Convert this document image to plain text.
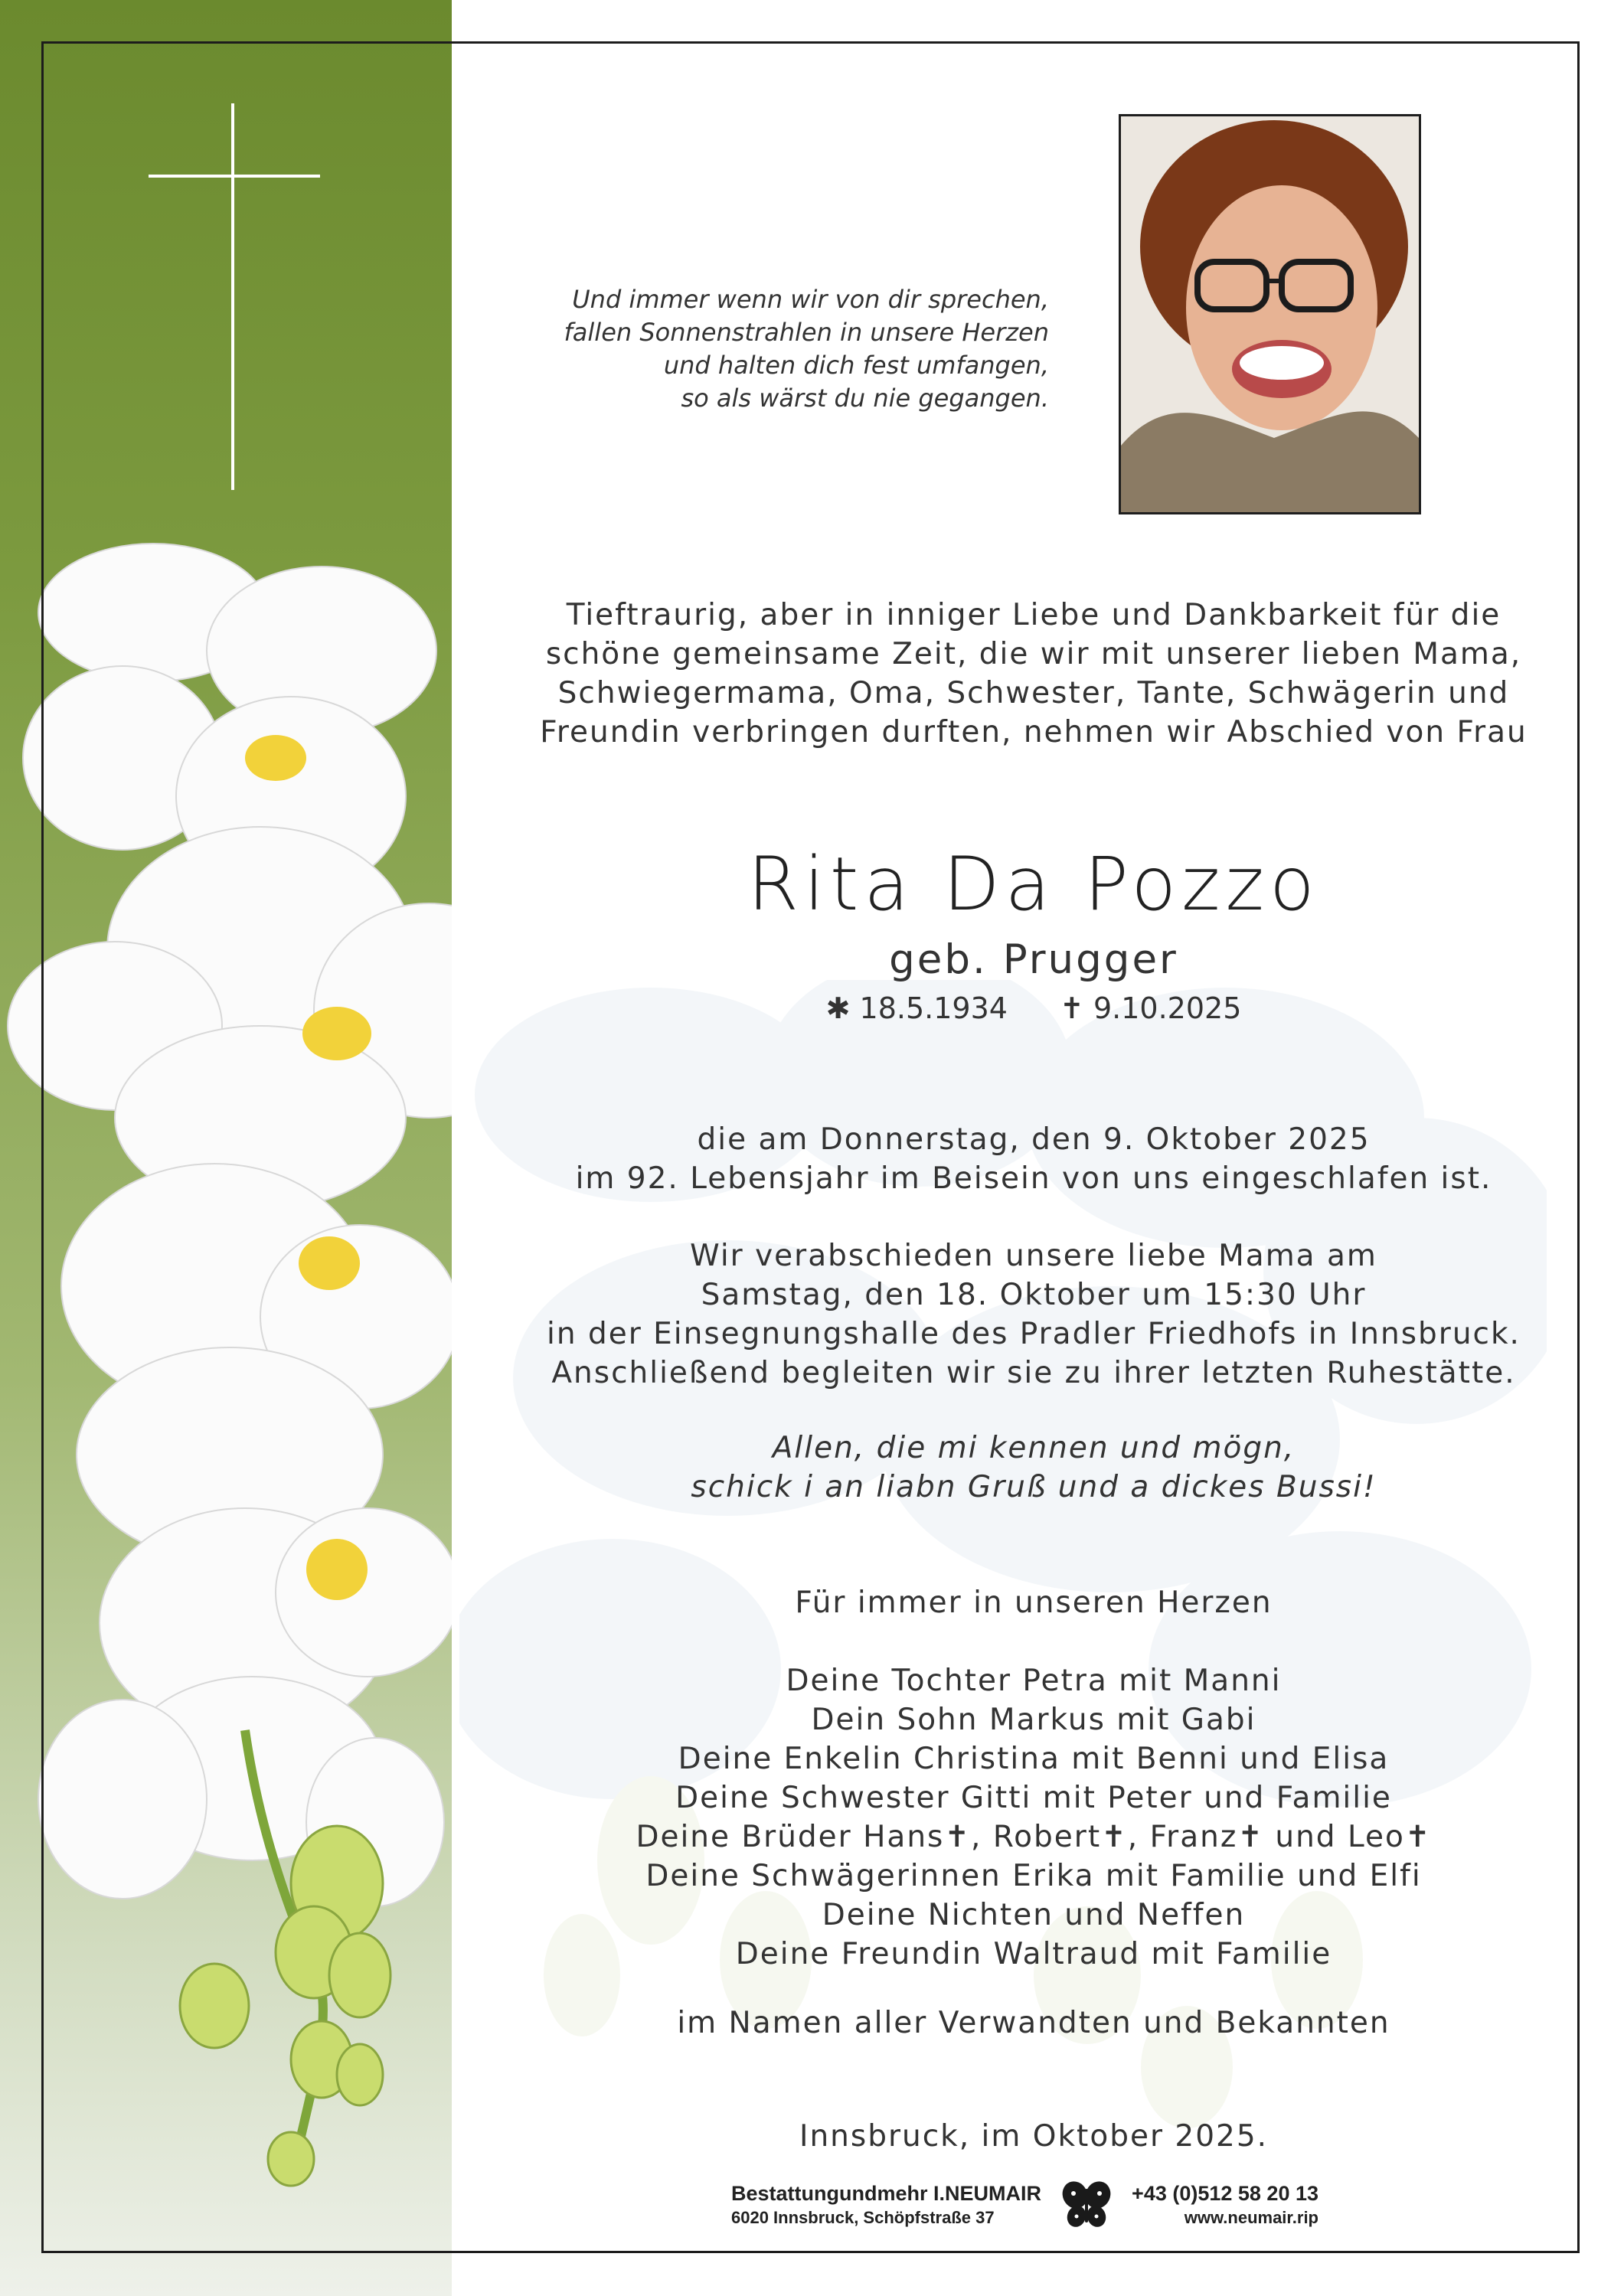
Und immer wenn wir von dir sprechen,
fallen Sonnenstrahlen in unsere Herzen
und halten dich fest umfangen,
so als wärst du nie gegangen.
Tieftraurig, aber in inniger Liebe und Dankbarkeit für die
schöne gemeinsame Zeit, die wir mit unserer lieben Mama,
Schwiegermama, Oma, Schwester, Tante, Schwägerin und
Freundin verbringen durften, nehmen wir Abschied von Frau
Rita Da Pozzo
geb. Prugger
✱ 18.5.1934 ✝ 9.10.2025
die am Donnerstag, den 9. Oktober 2025
im 92. Lebensjahr im Beisein von uns eingeschlafen ist.
Wir verabschieden unsere liebe Mama am
Samstag, den 18. Oktober um 15:30 Uhr
in der Einsegnungshalle des Pradler Friedhofs in Innsbruck.
Anschließend begleiten wir sie zu ihrer letzten Ruhestätte.
Allen, die mi kennen und mögn,
schick i an liabn Gruß und a dickes Bussi!
Für immer in unseren Herzen
Deine Tochter Petra mit Manni
Dein Sohn Markus mit Gabi
Deine Enkelin Christina mit Benni und Elisa
Deine Schwester Gitti mit Peter und Familie
Deine Brüder Hans✝, Robert✝, Franz✝ und Leo✝
Deine Schwägerinnen Erika mit Familie und Elfi
Deine Nichten und Neffen
Deine Freundin Waltraud mit Familie
im Namen aller Verwandten und Bekannten
Innsbruck, im Oktober 2025.
Bestattungundmehr I.NEUMAIR
6020 Innsbruck, Schöpfstraße 37
+43 (0)512 58 20 13
www.neumair.rip
